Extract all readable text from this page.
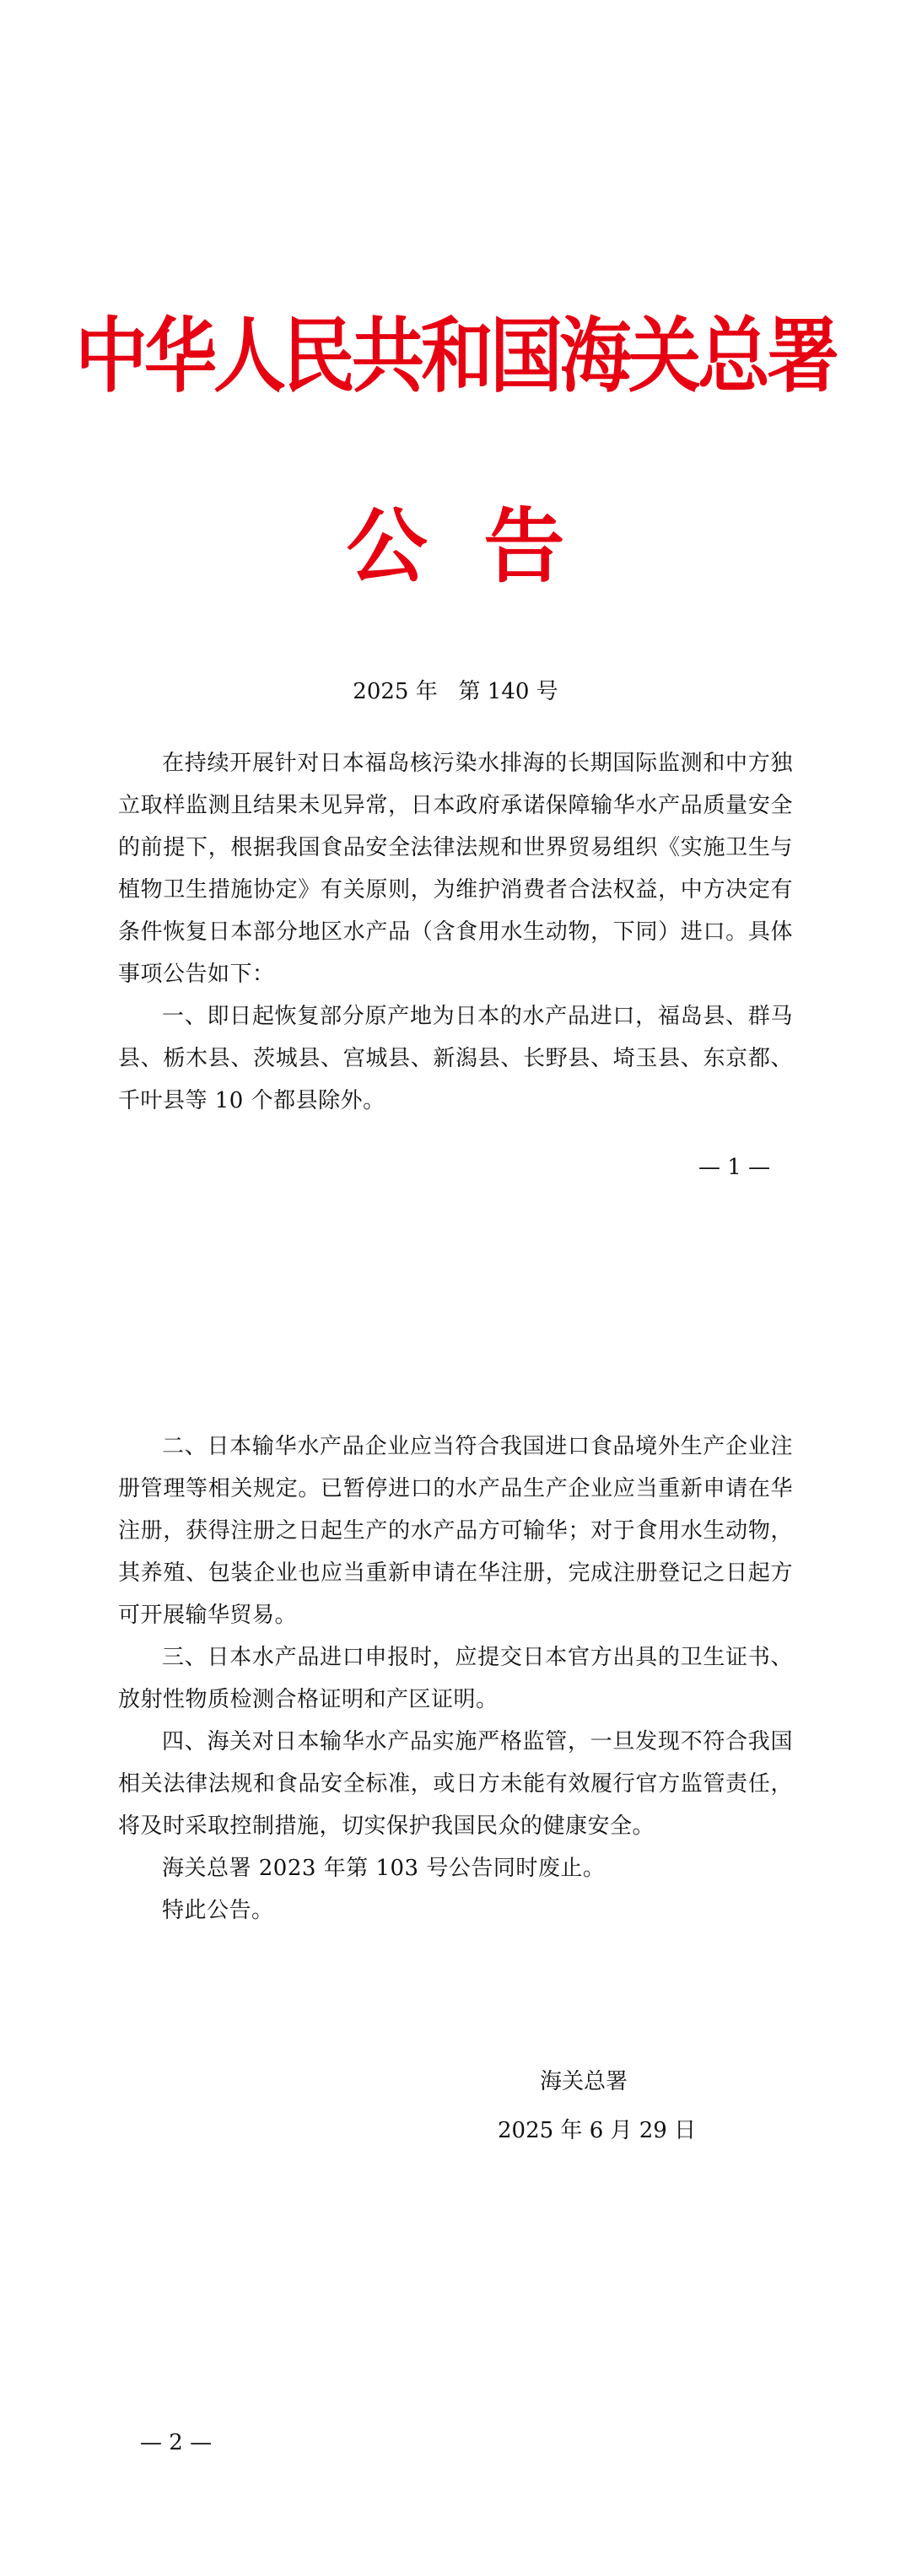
中华人民共和国海关总署
公  告
2025 年   第 140 号

在持续开展针对日本福岛核污染水排海的长期国际监测和中方独立取样监测且结果未见异常，日本政府承诺保障输华水产品质量安全的前提下，根据我国食品安全法律法规和世界贸易组织《实施卫生与植物卫生措施协定》有关原则，为维护消费者合法权益，中方决定有条件恢复日本部分地区水产品（含食用水生动物，下同）进口。具体事项公告如下：

一、即日起恢复部分原产地为日本的水产品进口，福岛县、群马县、栃木县、茨城县、宫城县、新潟县、长野县、埼玉县、东京都、千叶县等 10 个都县除外。

— 1 —

二、日本输华水产品企业应当符合我国进口食品境外生产企业注册管理等相关规定。已暂停进口的水产品生产企业应当重新申请在华注册，获得注册之日起生产的水产品方可输华；对于食用水生动物，其养殖、包装企业也应当重新申请在华注册，完成注册登记之日起方可开展输华贸易。

三、日本水产品进口申报时，应提交日本官方出具的卫生证书、放射性物质检测合格证明和产区证明。

四、海关对日本输华水产品实施严格监管，一旦发现不符合我国相关法律法规和食品安全标准，或日方未能有效履行官方监管责任，将及时采取控制措施，切实保护我国民众的健康安全。

海关总署 2023 年第 103 号公告同时废止。

特此公告。

海关总署
2025 年 6 月 29 日
— 2 —
